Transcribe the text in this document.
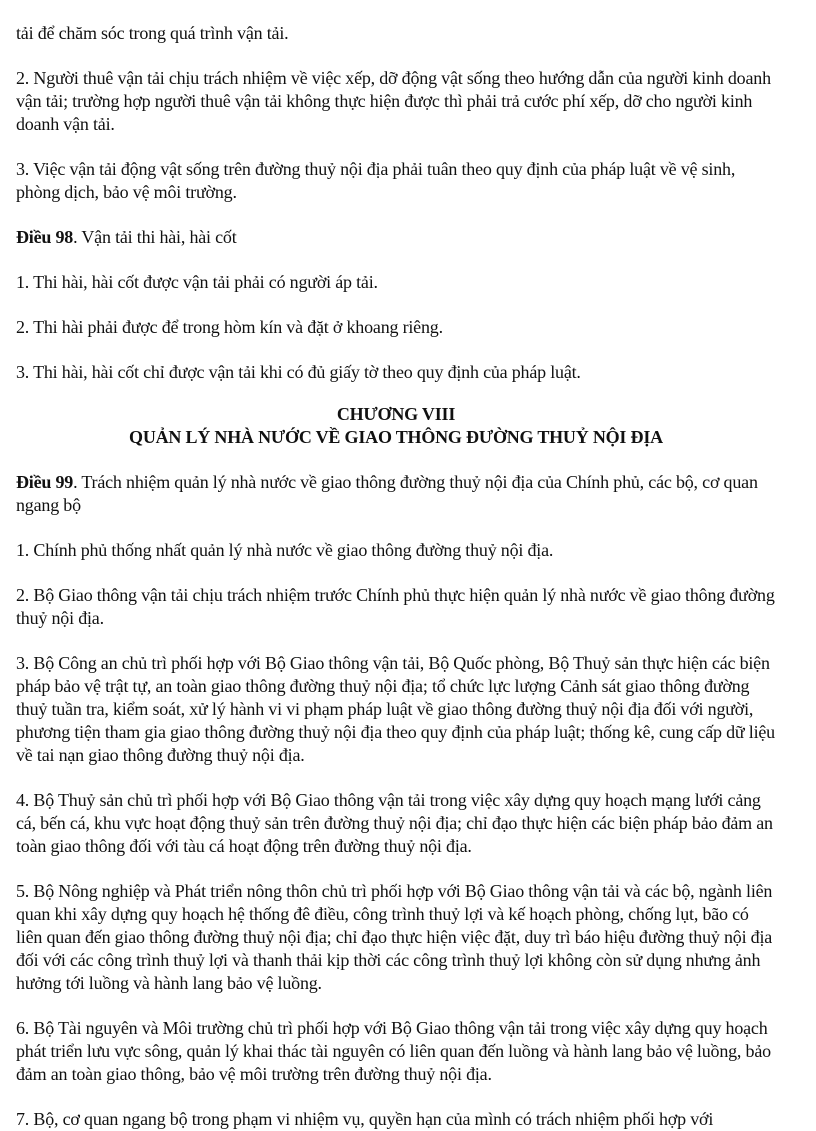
tải để chăm sóc trong quá trình vận tải.

2. Người thuê vận tải chịu trách nhiệm về việc xếp, dỡ động vật sống theo hướng dẫn của người kinh doanh vận tải; trường hợp người thuê vận tải không thực hiện được thì phải trả cước phí xếp, dỡ cho người kinh doanh vận tải.

3. Việc vận tải động vật sống trên đường thuỷ nội địa phải tuân theo quy định của pháp luật về vệ sinh, phòng dịch, bảo vệ môi trường.

Điều 98. Vận tải thi hài, hài cốt

1. Thi hài, hài cốt được vận tải phải có người áp tải.

2. Thi hài phải được để trong hòm kín và đặt ở khoang riêng.

3. Thi hài, hài cốt chỉ được vận tải khi có đủ giấy tờ theo quy định của pháp luật.

CHƯƠNG VIII
QUẢN LÝ NHÀ NƯỚC VỀ GIAO THÔNG ĐƯỜNG THUỶ NỘI ĐỊA

Điều 99. Trách nhiệm quản lý nhà nước về giao thông đường thuỷ nội địa của Chính phủ, các bộ, cơ quan ngang bộ

1. Chính phủ thống nhất quản lý nhà nước về giao thông đường thuỷ nội địa.

2. Bộ Giao thông vận tải chịu trách nhiệm trước Chính phủ thực hiện quản lý nhà nước về giao thông đường thuỷ nội địa.

3. Bộ Công an chủ trì phối hợp với Bộ Giao thông vận tải, Bộ Quốc phòng, Bộ Thuỷ sản thực hiện các biện pháp bảo vệ trật tự, an toàn giao thông đường thuỷ nội địa; tổ chức lực lượng Cảnh sát giao thông đường thuỷ tuần tra, kiểm soát, xử lý hành vi vi phạm pháp luật về giao thông đường thuỷ nội địa đối với người, phương tiện tham gia giao thông đường thuỷ nội địa theo quy định của pháp luật; thống kê, cung cấp dữ liệu về tai nạn giao thông đường thuỷ nội địa.

4. Bộ Thuỷ sản chủ trì phối hợp với Bộ Giao thông vận tải trong việc xây dựng quy hoạch mạng lưới cảng cá, bến cá, khu vực hoạt động thuỷ sản trên đường thuỷ nội địa; chỉ đạo thực hiện các biện pháp bảo đảm an toàn giao thông đối với tàu cá hoạt động trên đường thuỷ nội địa.

5. Bộ Nông nghiệp và Phát triển nông thôn chủ trì phối hợp với Bộ Giao thông vận tải và các bộ, ngành liên quan khi xây dựng quy hoạch hệ thống đê điều, công trình thuỷ lợi và kế hoạch phòng, chống lụt, bão có liên quan đến giao thông đường thuỷ nội địa; chỉ đạo thực hiện việc đặt, duy trì báo hiệu đường thuỷ nội địa đối với các công trình thuỷ lợi và thanh thải kịp thời các công trình thuỷ lợi không còn sử dụng nhưng ảnh hưởng tới luồng và hành lang bảo vệ luồng.

6. Bộ Tài nguyên và Môi trường chủ trì phối hợp với Bộ Giao thông vận tải trong việc xây dựng quy hoạch phát triển lưu vực sông, quản lý khai thác tài nguyên có liên quan đến luồng và hành lang bảo vệ luồng, bảo đảm an toàn giao thông, bảo vệ môi trường trên đường thuỷ nội địa.

7. Bộ, cơ quan ngang bộ trong phạm vi nhiệm vụ, quyền hạn của mình có trách nhiệm phối hợp với
